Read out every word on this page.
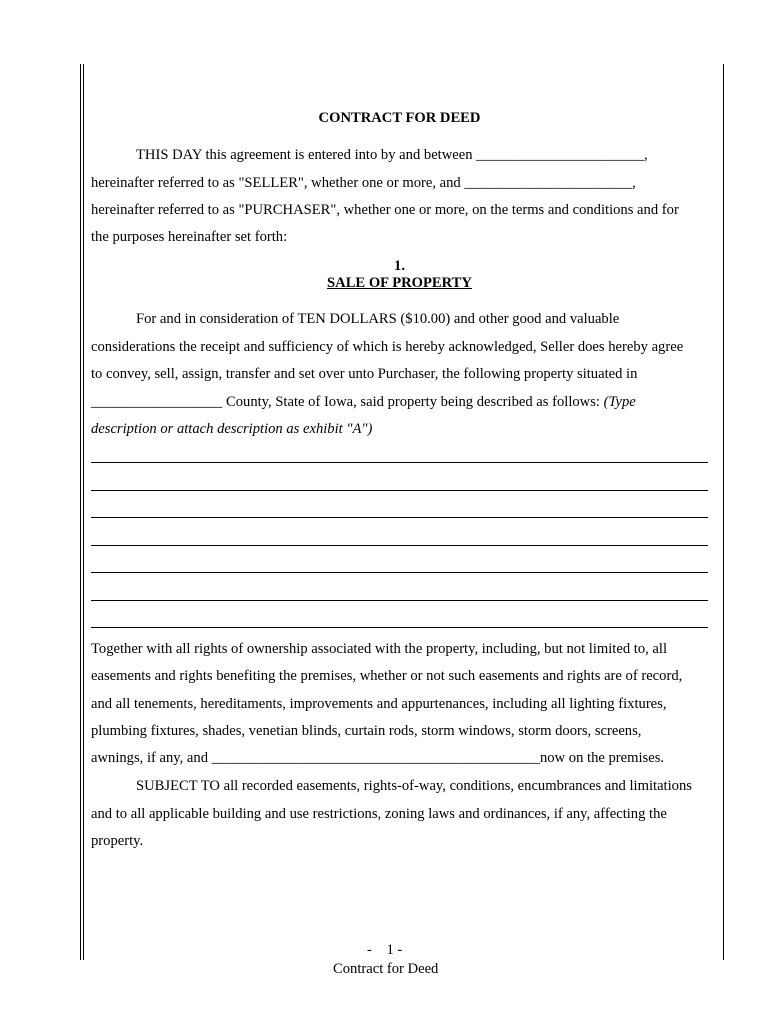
CONTRACT FOR DEED
THIS DAY this agreement is entered into by and between _______________________,
hereinafter referred to as "SELLER", whether one or more, and _______________________,
hereinafter referred to as "PURCHASER", whether one or more, on the terms and conditions and for
the purposes hereinafter set forth:
1.
SALE OF PROPERTY
For and in consideration of TEN DOLLARS ($10.00) and other good and valuable
considerations the receipt and sufficiency of which is hereby acknowledged, Seller does hereby agree
to convey, sell, assign, transfer and set over unto Purchaser, the following property situated in
__________________ County, State of Iowa, said property being described as follows: (Type
description or attach description as exhibit "A")
Together with all rights of ownership associated with the property, including, but not limited to, all
easements and rights benefiting the premises, whether or not such easements and rights are of record,
and all tenements, hereditaments, improvements and appurtenances, including all lighting fixtures,
plumbing fixtures, shades, venetian blinds, curtain rods, storm windows, storm doors, screens,
awnings, if any, and _____________________________________________now on the premises.
SUBJECT TO all recorded easements, rights-of-way, conditions, encumbrances and limitations
and to all applicable building and use restrictions, zoning laws and ordinances, if any, affecting the
property.
-    1 -
Contract for Deed
